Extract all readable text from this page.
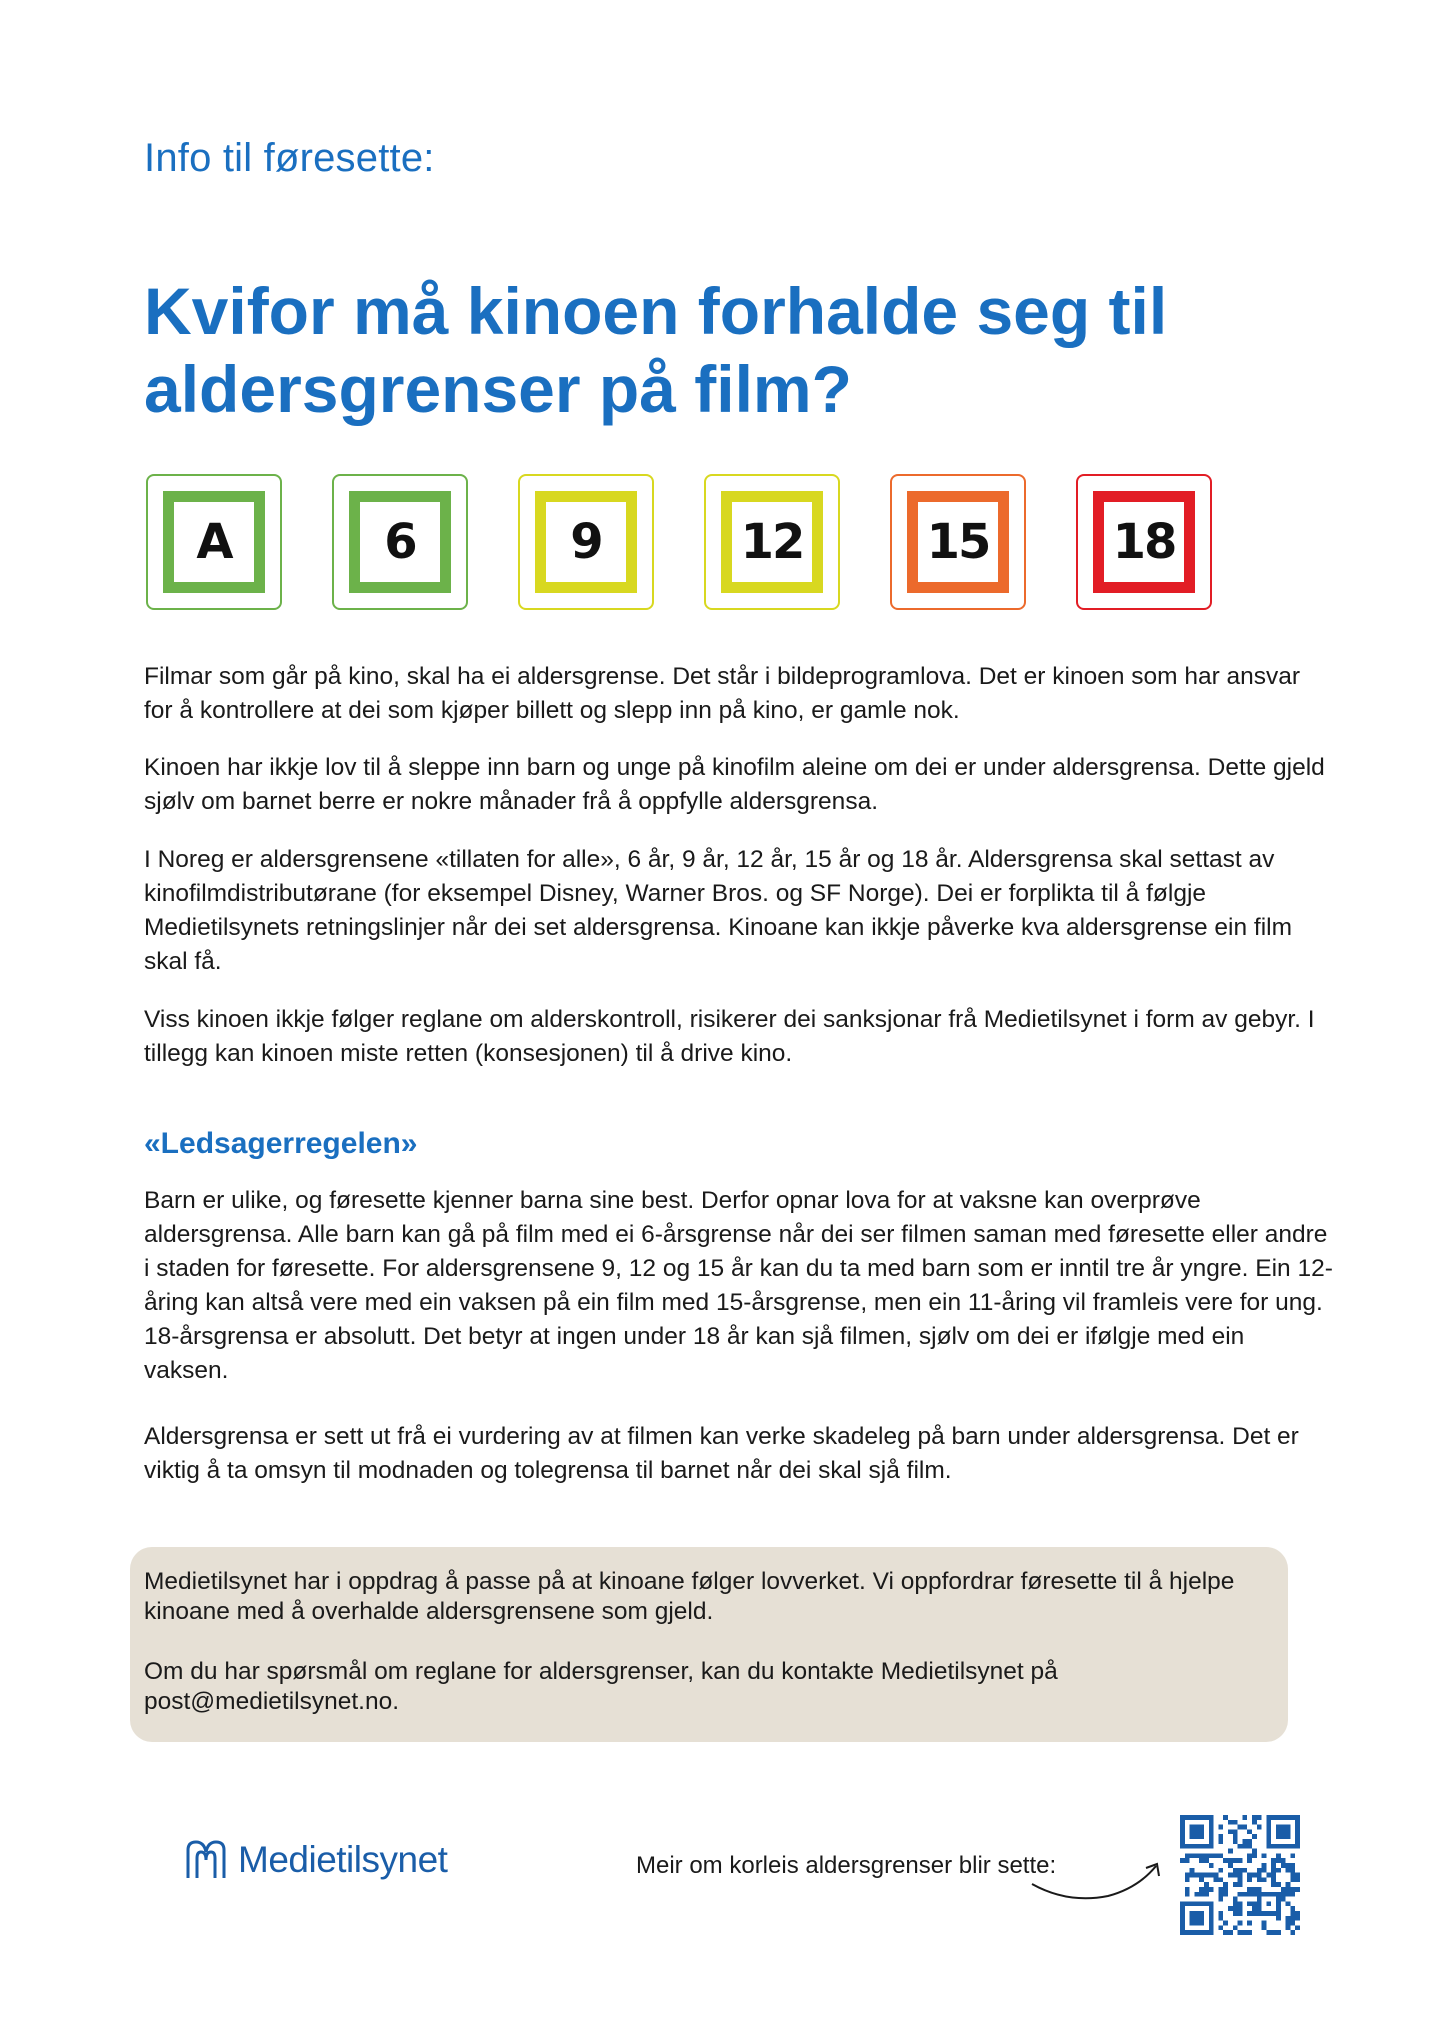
Info til føresette:

Kvifor må kinoen forhalde seg til aldersgrenser på film?
A	6	9	12	15	18

Filmar som går på kino, skal ha ei aldersgrense. Det står i bildeprogramlova. Det er kinoen som har ansvar for å kontrollere at dei som kjøper billett og slepp inn på kino, er gamle nok.

Kinoen har ikkje lov til å sleppe inn barn og unge på kinofilm aleine om dei er under aldersgrensa. Dette gjeld sjølv om barnet berre er nokre månader frå å oppfylle aldersgrensa.

I Noreg er aldersgrensene «tillaten for alle», 6 år, 9 år, 12 år, 15 år og 18 år. Aldersgrensa skal settast av kinofilmdistributørane (for eksempel Disney, Warner Bros. og SF Norge). Dei er forplikta til å følgje Medietilsynets retningslinjer når dei set aldersgrensa. Kinoane kan ikkje påverke kva aldersgrense ein film skal få.

Viss kinoen ikkje følger reglane om alderskontroll, risikerer dei sanksjonar frå Medietilsynet i form av gebyr. I tillegg kan kinoen miste retten (konsesjonen) til å drive kino.

«Ledsagerregelen»

Barn er ulike, og føresette kjenner barna sine best. Derfor opnar lova for at vaksne kan overprøve aldersgrensa. Alle barn kan gå på film med ei 6-årsgrense når dei ser filmen saman med føresette eller andre i staden for føresette. For aldersgrensene 9, 12 og 15 år kan du ta med barn som er inntil tre år yngre. Ein 12-åring kan altså vere med ein vaksen på ein film med 15-årsgrense, men ein 11-åring vil framleis vere for ung. 18-årsgrensa er absolutt. Det betyr at ingen under 18 år kan sjå filmen, sjølv om dei er ifølgje med ein vaksen.

Aldersgrensa er sett ut frå ei vurdering av at filmen kan verke skadeleg på barn under aldersgrensa. Det er viktig å ta omsyn til modnaden og tolegrensa til barnet når dei skal sjå film.

Medietilsynet har i oppdrag å passe på at kinoane følger lovverket. Vi oppfordrar føresette til å hjelpe kinoane med å overhalde aldersgrensene som gjeld.

Om du har spørsmål om reglane for aldersgrenser, kan du kontakte Medietilsynet på post@medietilsynet.no.

Medietilsynet	Meir om korleis aldersgrenser blir sette:
